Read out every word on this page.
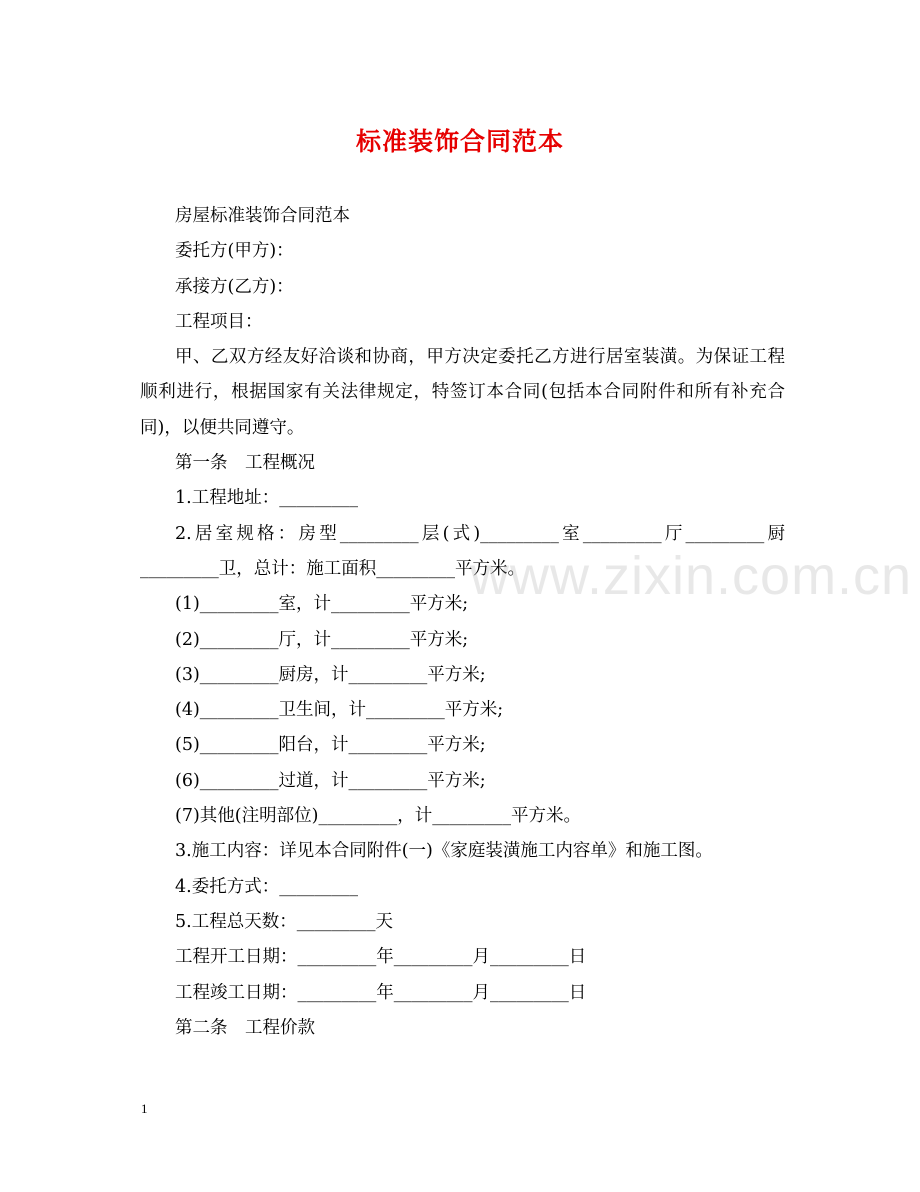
标准装饰合同范本

房屋标准装饰合同范本

委托方(甲方)：

承接方(乙方)：

工程项目：

甲、乙双方经友好洽谈和协商，甲方决定委托乙方进行居室装潢。为保证工程顺利进行，根据国家有关法律规定，特签订本合同(包括本合同附件和所有补充合同)，以便共同遵守。

第一条　工程概况

1.工程地址：_________

2.居室规格：房型_________层(式)_________室_________厅_________厨_________卫，总计：施工面积_________平方米。

(1)_________室，计_________平方米;

(2)_________厅，计_________平方米;

(3)_________厨房，计_________平方米;

(4)_________卫生间，计_________平方米;

(5)_________阳台，计_________平方米;

(6)_________过道，计_________平方米;

(7)其他(注明部位)_________，计_________平方米。

3.施工内容：详见本合同附件(一)《家庭装潢施工内容单》和施工图。

4.委托方式：_________

5.工程总天数：_________天

工程开工日期：_________年_________月_________日

工程竣工日期：_________年_________月_________日

第二条　工程价款

www.zixin.com.cn
1
